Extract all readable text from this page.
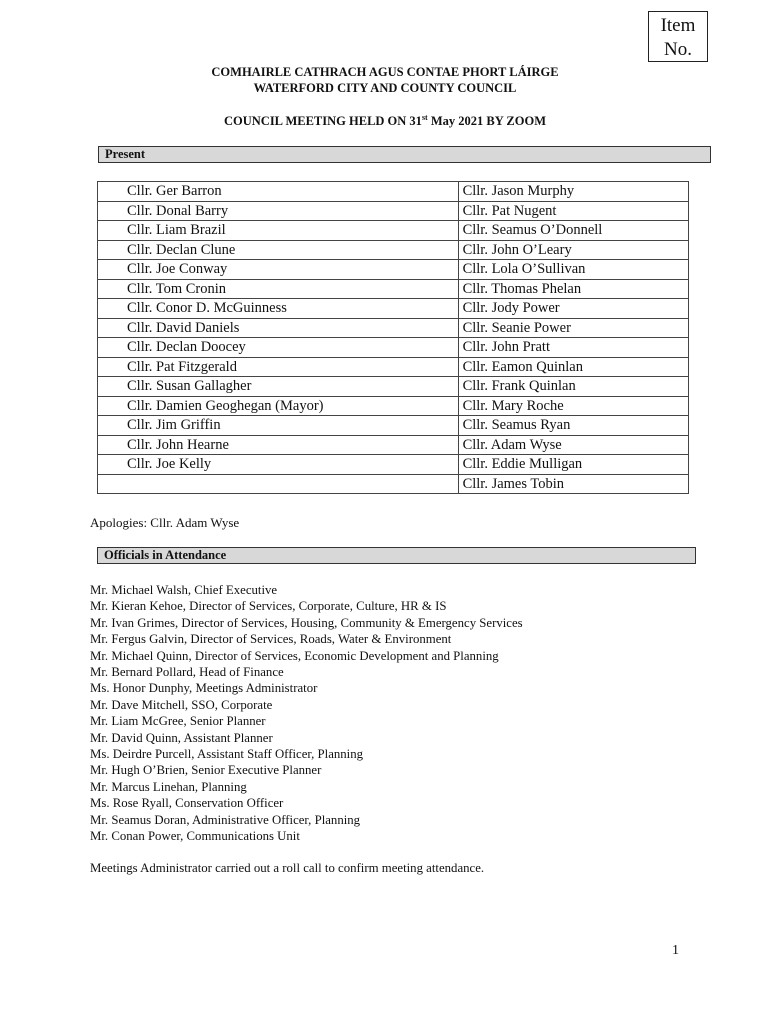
Item
No.
COMHAIRLE CATHRACH AGUS CONTAE PHORT LÁIRGE
WATERFORD CITY AND COUNTY COUNCIL
COUNCIL MEETING HELD ON 31st May 2021 BY ZOOM
Present
Cllr. Ger Barron	Cllr. Jason Murphy
Cllr. Donal Barry	Cllr. Pat Nugent
Cllr. Liam Brazil	Cllr. Seamus O’Donnell
Cllr. Declan Clune	Cllr. John O’Leary
Cllr. Joe Conway	Cllr. Lola O’Sullivan
Cllr. Tom Cronin	Cllr. Thomas Phelan
Cllr. Conor D. McGuinness	Cllr. Jody Power
Cllr. David Daniels	Cllr. Seanie Power
Cllr. Declan Doocey	Cllr. John Pratt
Cllr. Pat Fitzgerald	Cllr. Eamon Quinlan
Cllr. Susan Gallagher	Cllr. Frank Quinlan
Cllr. Damien Geoghegan (Mayor)	Cllr. Mary Roche
Cllr. Jim Griffin	Cllr. Seamus Ryan
Cllr. John Hearne	Cllr. Adam Wyse
Cllr. Joe Kelly	Cllr. Eddie Mulligan
	Cllr. James Tobin
Apologies: Cllr. Adam Wyse
Officials in Attendance
Mr. Michael Walsh, Chief Executive
Mr. Kieran Kehoe, Director of Services, Corporate, Culture, HR & IS
Mr. Ivan Grimes, Director of Services, Housing, Community & Emergency Services
Mr. Fergus Galvin, Director of Services, Roads, Water & Environment
Mr. Michael Quinn, Director of Services, Economic Development and Planning
Mr. Bernard Pollard, Head of Finance
Ms. Honor Dunphy, Meetings Administrator
Mr. Dave Mitchell, SSO, Corporate
Mr. Liam McGree, Senior Planner
Mr. David Quinn, Assistant Planner
Ms. Deirdre Purcell, Assistant Staff Officer, Planning
Mr. Hugh O’Brien, Senior Executive Planner
Mr. Marcus Linehan, Planning
Ms. Rose Ryall, Conservation Officer
Mr. Seamus Doran, Administrative Officer, Planning
Mr. Conan Power, Communications Unit
Meetings Administrator carried out a roll call to confirm meeting attendance.
1
